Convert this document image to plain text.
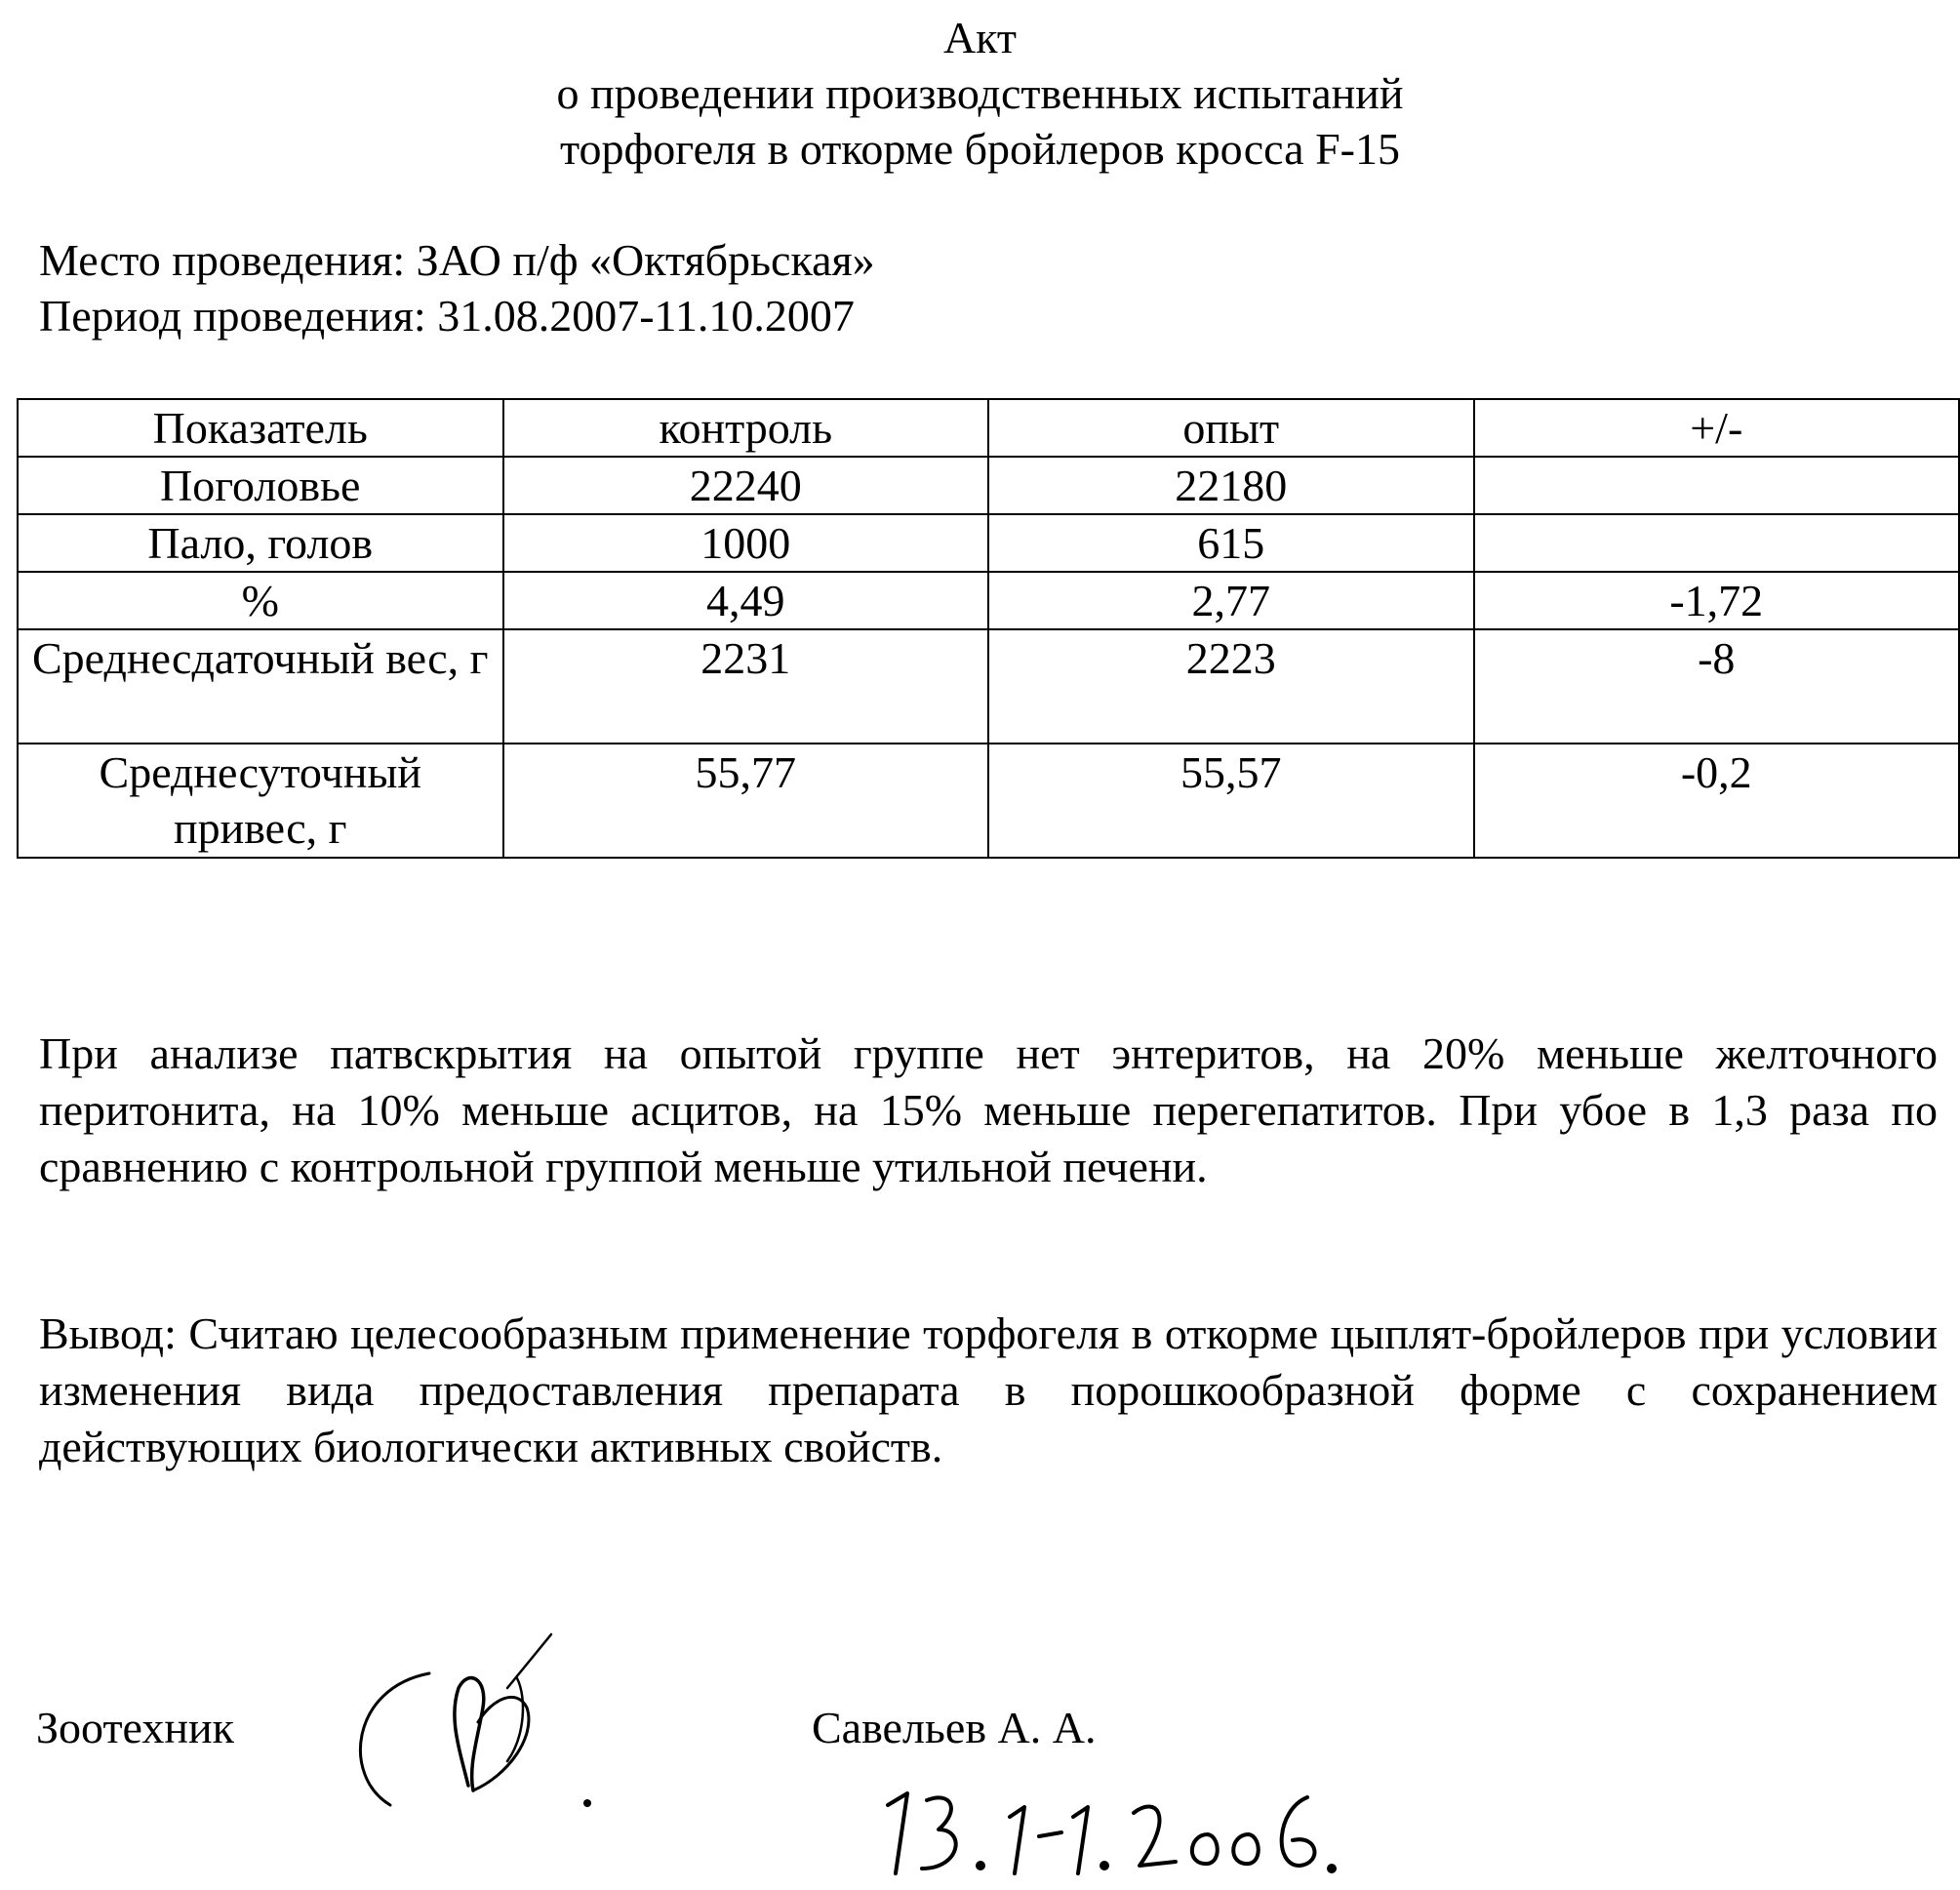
Акт
о проведении производственных испытаний
торфогеля в откорме бройлеров кросса F-15
Место проведения: ЗАО п/ф «Октябрьская»
Период проведения: 31.08.2007-11.10.2007
Показатель	контроль	опыт	+/-
Поголовье	22240	22180	
Пало, голов	1000	615	
%	4,49	2,77	-1,72
Среднесдаточный вес, г	2231	2223	-8
Среднесуточный привес, г	55,77	55,57	-0,2
При анализе патвскрытия на опытой группе нет энтеритов, на 20% меньше желточного перитонита, на 10% меньше асцитов, на 15% меньше перегепатитов. При убое в 1,3 раза по сравнению с контрольной группой меньше утильной печени.
Вывод: Считаю целесообразным применение торфогеля в откорме цыплят-бройлеров при условии изменения вида предоставления препарата в порошкообразной форме с сохранением действующих биологически активных свойств.
Зоотехник	Савельев А. А.
